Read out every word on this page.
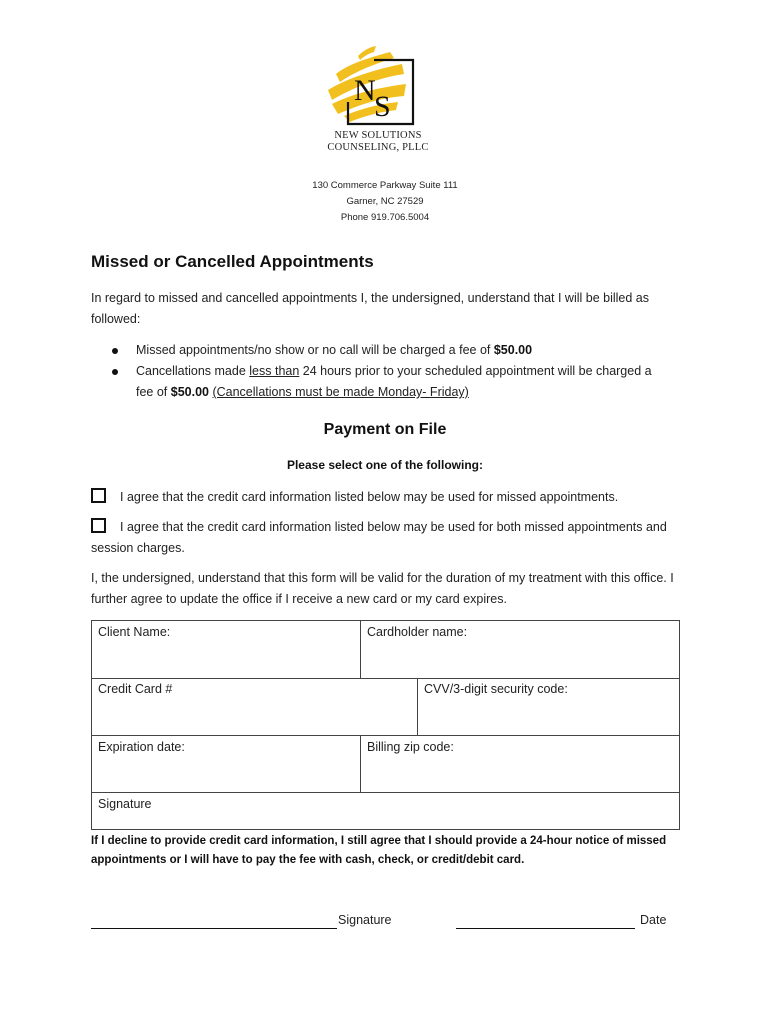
N
S
NEW SOLUTIONS
COUNSELING, PLLC
130 Commerce Parkway Suite 111
Garner, NC 27529
Phone 919.706.5004
Missed or Cancelled Appointments
In regard to missed and cancelled appointments I, the undersigned, understand that I will be billed as followed:
Missed appointments/no show or no call will be charged a fee of $50.00
Cancellations made less than 24 hours prior to your scheduled appointment will be charged a fee of $50.00 (Cancellations must be made Monday- Friday)
Payment on File
Please select one of the following:
I agree that the credit card information listed below may be used for missed appointments.
I agree that the credit card information listed below may be used for both missed appointments and session charges.
I, the undersigned, understand that this form will be valid for the duration of my treatment with this office. I further agree to update the office if I receive a new card or my card expires.
Client Name:	Cardholder name:
Credit Card #	CVV/3-digit security code:
Expiration date:	Billing zip code:
Signature
If I decline to provide credit card information, I still agree that I should provide a 24-hour notice of missed appointments or I will have to pay the fee with cash, check, or credit/debit card.
Signature	Date
